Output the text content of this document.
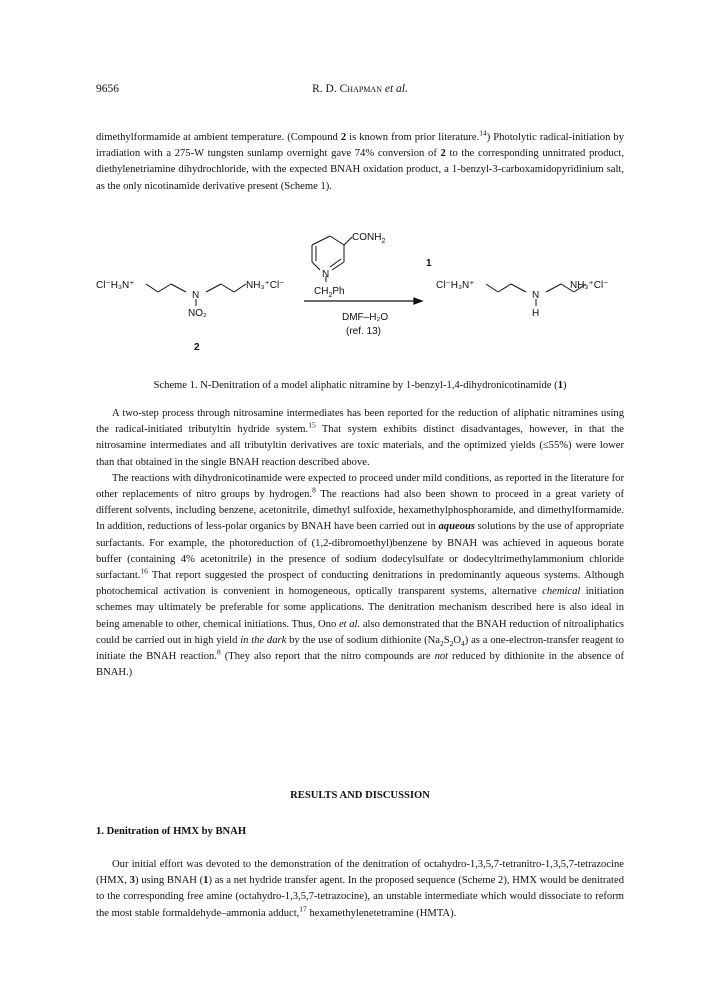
9656	R. D. Chapman et al.

dimethylformamide at ambient temperature. (Compound 2 is known from prior literature.$^{14}$) Photolytic radical-initiation by irradiation with a 275-W tungsten sunlamp overnight gave 74% conversion of 2 to the corresponding unnitrated product, diethylenetriamine dihydrochloride, with the expected BNAH oxidation product, a 1-benzyl-3-carboxamidopyridinium salt, as the only nicotinamide derivative present (Scheme 1).

$CONH_2$
N
$CH_2Ph$
1
Cl⁻H₃N⁺
N
NH₃⁺Cl⁻
NO₂
2
DMF–H₂O
(ref. 13)
Cl⁻H₃N⁺
N
NH₃⁺Cl⁻
H
Scheme 1. N-Denitration of a model aliphatic nitramine by 1-benzyl-1,4-dihydronicotinamide (1)

A two-step process through nitrosamine intermediates has been reported for the reduction of aliphatic nitramines using the radical-initiated tributyltin hydride system.$^{15}$ That system exhibits distinct disadvantages, however, in that the nitrosamine intermediates and all tributyltin derivatives are toxic materials, and the optimized yields (≤55%) were lower than that obtained in the single BNAH reaction described above.

The reactions with dihydronicotinamide were expected to proceed under mild conditions, as reported in the literature for other replacements of nitro groups by hydrogen.$^8$ The reactions had also been shown to proceed in a great variety of different solvents, including benzene, acetonitrile, dimethyl sulfoxide, hexamethylphosphoramide, and dimethylformamide. In addition, reductions of less-polar organics by BNAH have been carried out in aqueous solutions by the use of appropriate surfactants. For example, the photoreduction of (1,2-dibromoethyl)benzene by BNAH was achieved in aqueous borate buffer (containing 4% acetonitrile) in the presence of sodium dodecylsulfate or dodecyltrimethylammonium chloride surfactant.$^{16}$ That report suggested the prospect of conducting denitrations in predominantly aqueous systems. Although photochemical activation is convenient in homogeneous, optically transparent systems, alternative chemical initiation schemes may ultimately be preferable for some applications. The denitration mechanism described here is also ideal in being amenable to other, chemical initiations. Thus, Ono et al. also demonstrated that the BNAH reduction of nitroaliphatics could be carried out in high yield in the dark by the use of sodium dithionite $(Na_2S_2O_4)$ as a one-electron-transfer reagent to initiate the BNAH reaction.$^8$ (They also report that the nitro compounds are not reduced by dithionite in the absence of BNAH.)

RESULTS AND DISCUSSION
1. Denitration of HMX by BNAH

Our initial effort was devoted to the demonstration of the denitration of octahydro-1,3,5,7-tetranitro-1,3,5,7-tetrazocine (HMX, 3) using BNAH (1) as a net hydride transfer agent. In the proposed sequence (Scheme 2), HMX would be denitrated to the corresponding free amine (octahydro-1,3,5,7-tetrazocine), an unstable intermediate which would dissociate to reform the most stable formaldehyde–ammonia adduct,$^{17}$ hexamethylenetetramine (HMTA).
